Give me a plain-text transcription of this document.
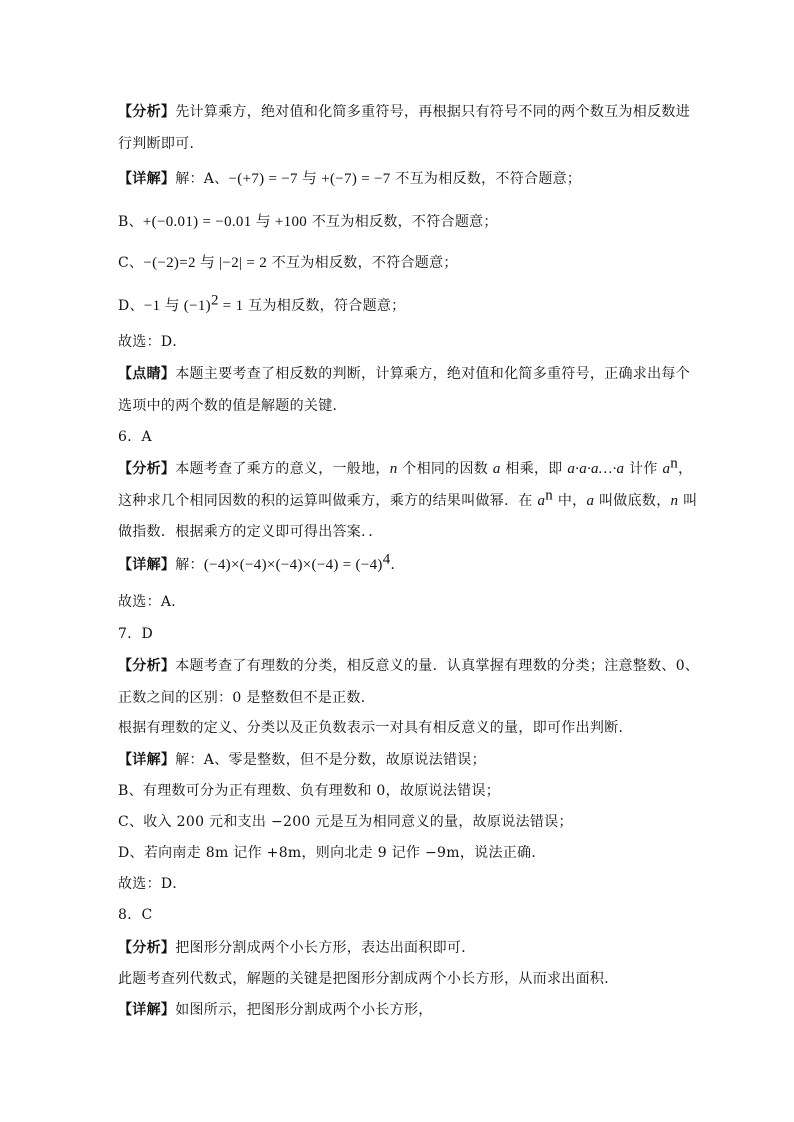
【分析】先计算乘方，绝对值和化简多重符号，再根据只有符号不同的两个数互为相反数进
行判断即可．
【详解】解：A、−(+7) = −7 与 +(−7) = −7 不互为相反数，不符合题意；
B、+(−0.01) = −0.01 与 +100 不互为相反数，不符合题意；
C、−(−2)=2 与 |−2| = 2 不互为相反数，不符合题意；
D、−1 与 $(-1)^2 = 1$ 互为相反数，符合题意；
故选：D．
【点睛】本题主要考查了相反数的判断，计算乘方，绝对值和化简多重符号，正确求出每个
选项中的两个数的值是解题的关键．
6．A
【分析】本题考查了乘方的意义，一般地，n 个相同的因数 a 相乘，即 a·a·a…·a 计作 $a^n$，
这种求几个相同因数的积的运算叫做乘方，乘方的结果叫做幂．在 $a^n$ 中，a 叫做底数，n 叫
做指数．根据乘方的定义即可得出答案．．
【详解】解：$(-4)\times(-4)\times(-4)\times(-4) = (-4)^4$．
故选：A．
7．D
【分析】本题考查了有理数的分类，相反意义的量．认真掌握有理数的分类；注意整数、0、
正数之间的区别：0 是整数但不是正数．
根据有理数的定义、分类以及正负数表示一对具有相反意义的量，即可作出判断．
【详解】解：A、零是整数，但不是分数，故原说法错误；
B、有理数可分为正有理数、负有理数和 0，故原说法错误；
C、收入 200 元和支出 −200 元是互为相同意义的量，故原说法错误；
D、若向南走 8m 记作 +8m，则向北走 9 记作 −9m，说法正确．
故选：D．
8．C
【分析】把图形分割成两个小长方形，表达出面积即可．
此题考查列代数式，解题的关键是把图形分割成两个小长方形，从而求出面积．
【详解】如图所示，把图形分割成两个小长方形，
